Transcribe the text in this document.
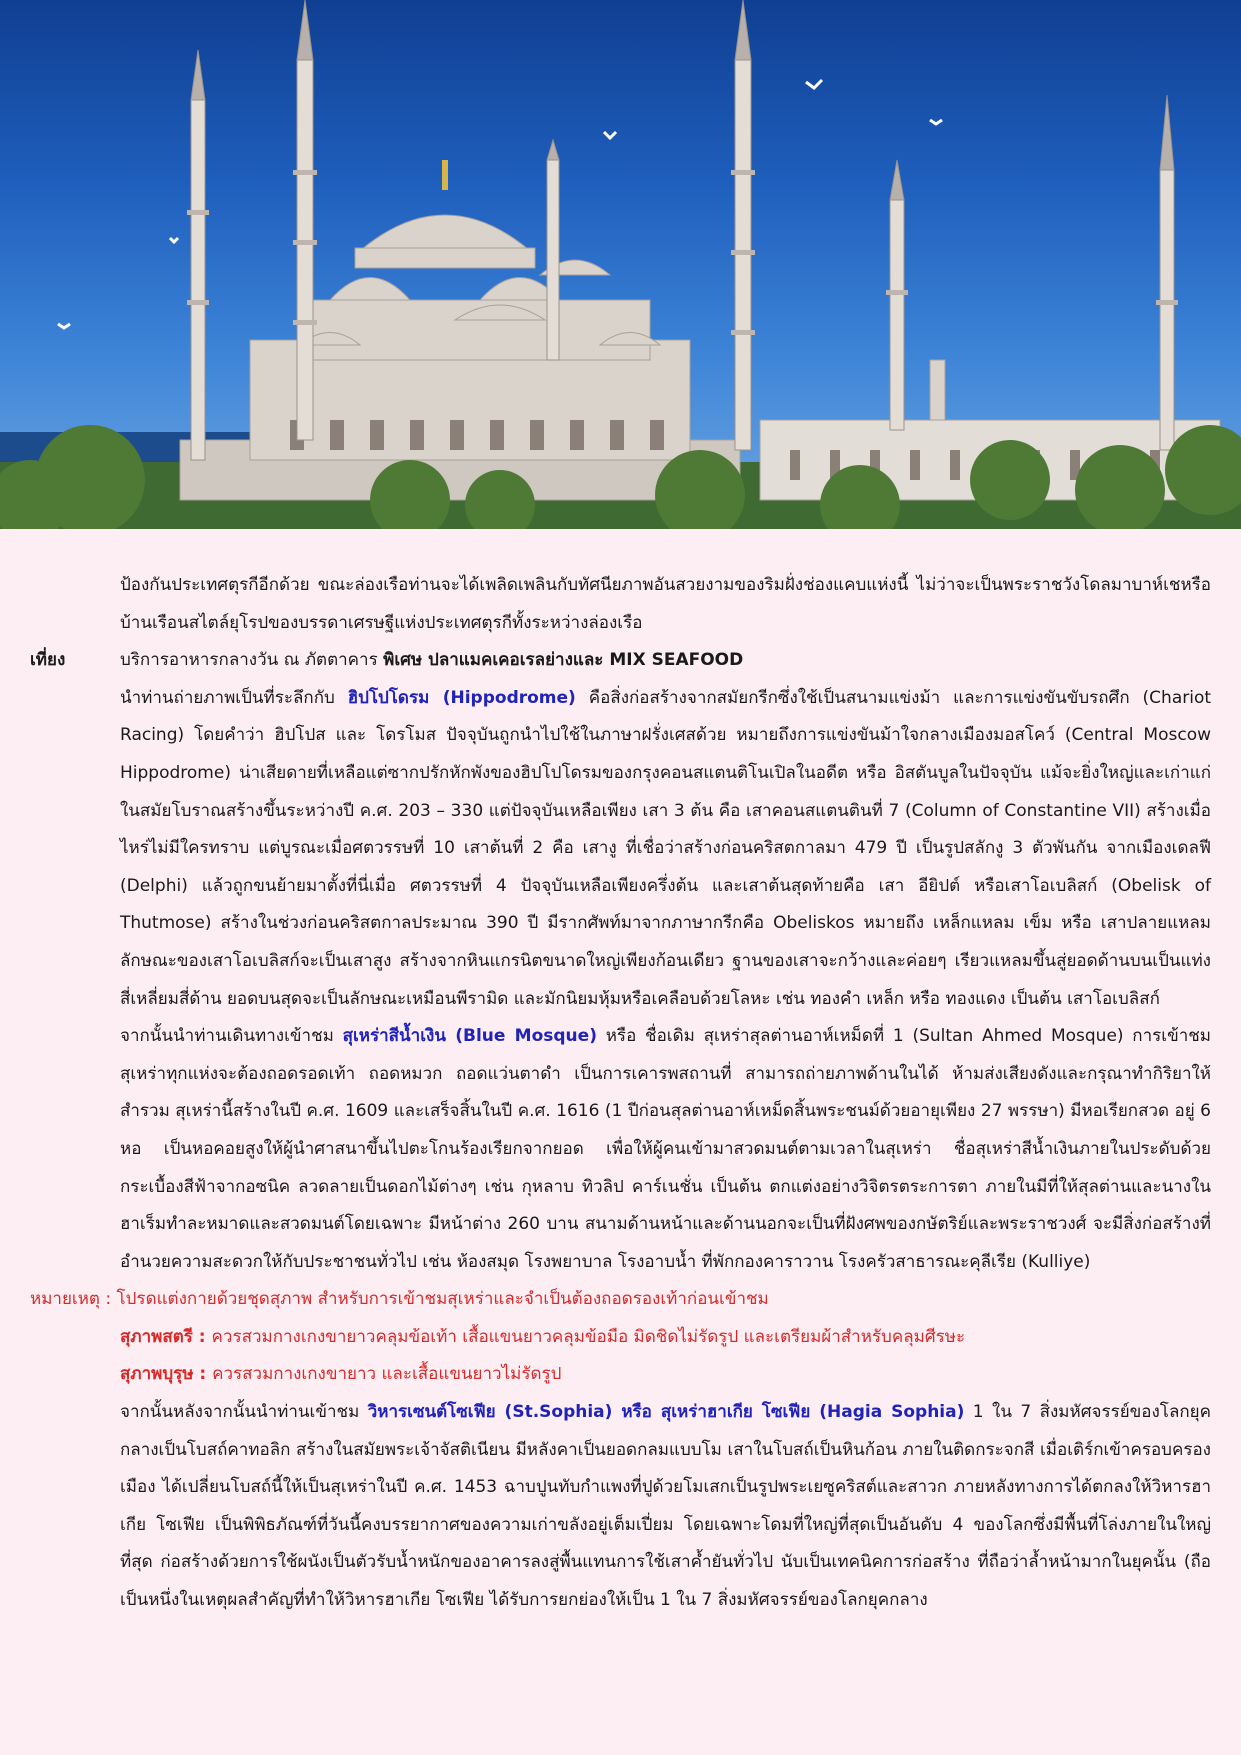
ป้องกันประเทศตุรกีอีกด้วย ขณะล่องเรือท่านจะได้เพลิดเพลินกับทัศนียภาพอันสวยงามของริมฝั่งช่องแคบแห่งนี้ ไม่ว่าจะเป็นพระราชวังโดลมาบาห์เชหรือบ้านเรือนสไตล์ยุโรปของบรรดาเศรษฐีแห่งประเทศตุรกีทั้งระหว่างล่องเรือ
เที่ยง	บริการอาหารกลางวัน ณ ภัตตาคาร พิเศษ ปลาแมคเคอเรลย่างและ MIX SEAFOOD
นำท่านถ่ายภาพเป็นที่ระลึกกับ ฮิปโปโดรม (Hippodrome) คือสิ่งก่อสร้างจากสมัยกรีกซึ่งใช้เป็นสนามแข่งม้า และการแข่งขันขับรถศึก (Chariot Racing) โดยคำว่า ฮิปโปส และ โดรโมส ปัจจุบันถูกนำไปใช้ในภาษาฝรั่งเศสด้วย หมายถึงการแข่งขันม้าใจกลางเมืองมอสโคว์ (Central Moscow Hippodrome) น่าเสียดายที่เหลือแต่ซากปรักหักพังของฮิปโปโดรมของกรุงคอนสแตนติโนเปิลในอดีต หรือ อิสตันบูลในปัจจุบัน แม้จะยิ่งใหญ่และเก่าแก่ในสมัยโบราณสร้างขึ้นระหว่างปี ค.ศ. 203 – 330 แต่ปัจจุบันเหลือเพียง เสา 3 ต้น คือ เสาคอนสแตนตินที่ 7 (Column of Constantine VII) สร้างเมื่อไหร่ไม่มีใครทราบ แต่บูรณะเมื่อศตวรรษที่ 10 เสาต้นที่ 2 คือ เสางู ที่เชื่อว่าสร้างก่อนคริสตกาลมา 479 ปี เป็นรูปสลักงู 3 ตัวพันกัน จากเมืองเดลฟี (Delphi) แล้วถูกขนย้ายมาตั้งที่นี่เมื่อ ศตวรรษที่ 4 ปัจจุบันเหลือเพียงครึ่งต้น และเสาต้นสุดท้ายคือ เสา อียิปต์ หรือเสาโอเบลิสก์ (Obelisk of Thutmose) สร้างในช่วงก่อนคริสตกาลประมาณ 390 ปี มีรากศัพท์มาจากภาษากรีกคือ Obeliskos หมายถึง เหล็กแหลม เข็ม หรือ เสาปลายแหลม ลักษณะของเสาโอเบลิสก์จะเป็นเสาสูง สร้างจากหินแกรนิตขนาดใหญ่เพียงก้อนเดียว ฐานของเสาจะกว้างและค่อยๆ เรียวแหลมขึ้นสู่ยอดด้านบนเป็นแท่งสี่เหลี่ยมสี่ด้าน ยอดบนสุดจะเป็นลักษณะเหมือนพีรามิด และมักนิยมหุ้มหรือเคลือบด้วยโลหะ เช่น ทองคำ เหล็ก หรือ ทองแดง เป็นต้น เสาโอเบลิสก์
จากนั้นนำท่านเดินทางเข้าชม สุเหร่าสีน้ำเงิน (Blue Mosque) หรือ ชื่อเดิม สุเหร่าสุลต่านอาห์เหม็ดที่ 1 (Sultan Ahmed Mosque) การเข้าชมสุเหร่าทุกแห่งจะต้องถอดรอดเท้า ถอดหมวก ถอดแว่นตาดำ เป็นการเคารพสถานที่ สามารถถ่ายภาพด้านในได้ ห้ามส่งเสียงดังและกรุณาทำกิริยาให้สำรวม สุเหร่านี้สร้างในปี ค.ศ. 1609 และเสร็จสิ้นในปี ค.ศ. 1616 (1 ปีก่อนสุลต่านอาห์เหม็ดสิ้นพระชนม์ด้วยอายุเพียง 27 พรรษา) มีหอเรียกสวด อยู่ 6 หอ เป็นหอคอยสูงให้ผู้นำศาสนาขึ้นไปตะโกนร้องเรียกจากยอด เพื่อให้ผู้คนเข้ามาสวดมนต์ตามเวลาในสุเหร่า ชื่อสุเหร่าสีน้ำเงินภายในประดับด้วยกระเบื้องสีฟ้าจากอซนิค ลวดลายเป็นดอกไม้ต่างๆ เช่น กุหลาบ ทิวลิป คาร์เนชั่น เป็นต้น ตกแต่งอย่างวิจิตรตระการตา ภายในมีที่ให้สุลต่านและนางในฮาเร็มทำละหมาดและสวดมนต์โดยเฉพาะ มีหน้าต่าง 260 บาน สนามด้านหน้าและด้านนอกจะเป็นที่ฝังศพของกษัตริย์และพระราชวงศ์ จะมีสิ่งก่อสร้างที่อำนวยความสะดวกให้กับประชาชนทั่วไป เช่น ห้องสมุด โรงพยาบาล โรงอาบน้ำ ที่พักกองคาราวาน โรงครัวสาธารณะคุลีเรีย (Kulliye)
หมายเหตุ : โปรดแต่งกายด้วยชุดสุภาพ สำหรับการเข้าชมสุเหร่าและจำเป็นต้องถอดรองเท้าก่อนเข้าชม
สุภาพสตรี : ควรสวมกางเกงขายาวคลุมข้อเท้า เสื้อแขนยาวคลุมข้อมือ มิดชิดไม่รัดรูป และเตรียมผ้าสำหรับคลุมศีรษะ
สุภาพบุรุษ : ควรสวมกางเกงขายาว และเสื้อแขนยาวไม่รัดรูป
จากนั้นหลังจากนั้นนำท่านเข้าชม วิหารเซนต์โซเฟีย (St.Sophia) หรือ สุเหร่าฮาเกีย โซเฟีย (Hagia Sophia) 1 ใน 7 สิ่งมหัศจรรย์ของโลกยุคกลางเป็นโบสถ์คาทอลิก สร้างในสมัยพระเจ้าจัสติเนียน มีหลังคาเป็นยอดกลมแบบโม เสาในโบสถ์เป็นหินก้อน ภายในติดกระจกสี เมื่อเติร์กเข้าครอบครองเมือง ได้เปลี่ยนโบสถ์นี้ให้เป็นสุเหร่าในปี ค.ศ. 1453 ฉาบปูนทับกำแพงที่ปูด้วยโมเสกเป็นรูปพระเยซูคริสต์และสาวก ภายหลังทางการได้ตกลงให้วิหารฮาเกีย โซเฟีย เป็นพิพิธภัณฑ์ที่วันนี้คงบรรยากาศของความเก่าขลังอยู่เต็มเปี่ยม โดยเฉพาะโดมที่ใหญ่ที่สุดเป็นอันดับ 4 ของโลกซึ่งมีพื้นที่โล่งภายในใหญ่ที่สุด ก่อสร้างด้วยการใช้ผนังเป็นตัวรับน้ำหนักของอาคารลงสู่พื้นแทนการใช้เสาค้ำยันทั่วไป นับเป็นเทคนิคการก่อสร้าง ที่ถือว่าล้ำหน้ามากในยุคนั้น (ถือเป็นหนึ่งในเหตุผลสำคัญที่ทำให้วิหารฮาเกีย โซเฟีย ได้รับการยกย่องให้เป็น 1 ใน 7 สิ่งมหัศจรรย์ของโลกยุคกลาง
